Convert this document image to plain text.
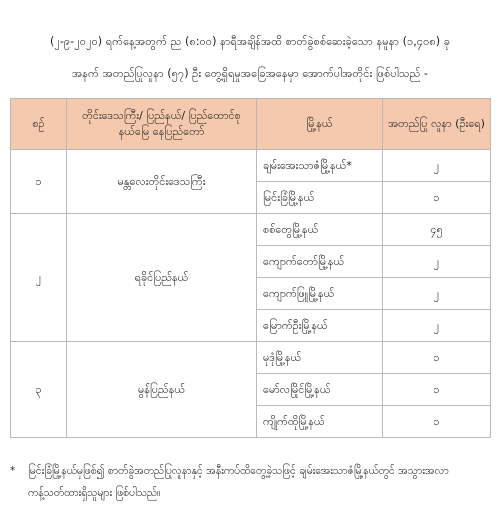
(၂-၉-၂၀၂၀) ရက်နေ့အတွက် ည (၈:၀၀) နာရီအချိန်အထိ စာတ်ခွဲစစ်ဆေးခဲ့သော နမူနာ (၁,၄၀၈) ခု
အနက် အတည်ပြုလူနာ (၅၇) ဦး တွေ့ရှိရမှုအခြေအနေမှာ အောက်ပါအတိုင်း ဖြစ်ပါသည် -
စဉ်	တိုင်းဒေသကြီး/ ပြည်နယ်/ ပြည်ထောင်စုနယ်မြေ နေပြည်တော်	မြို့နယ်	အတည်ပြု လူနာ (ဦးရေ)
၁	မန္တလေးတိုင်းဒေသကြီး	ချမ်းအေးသာဇံမြို့နယ်*	၂
		မြင်းခြံမြို့နယ်	၁
၂	ရခိုင်ပြည်နယ်	စစ်တွေမြို့နယ်	၄၅
		ကျောက်တော်မြို့နယ်	၂
		ကျောက်ဖြူမြို့နယ်	၂
		မြောက်ဦးမြို့နယ်	၂
၃	မွန်ပြည်နယ်	မုဒုံမြို့နယ်	၁
		မော်လမြိုင်မြို့နယ်	၁
		ကျိုက်ထိုမြို့နယ်	၁
* မြင်းခြံမြို့နယ်မှဖြစ်၍ စာတ်ခွဲအတည်ပြုလူနာနှင့် အနီးကပ်ထိတွေ့ခဲ့သဖြင့် ချမ်းအေးသာဇံမြို့နယ်တွင် အသွားအလာကန့်သတ်ထားရှိသူများ ဖြစ်ပါသည်။
